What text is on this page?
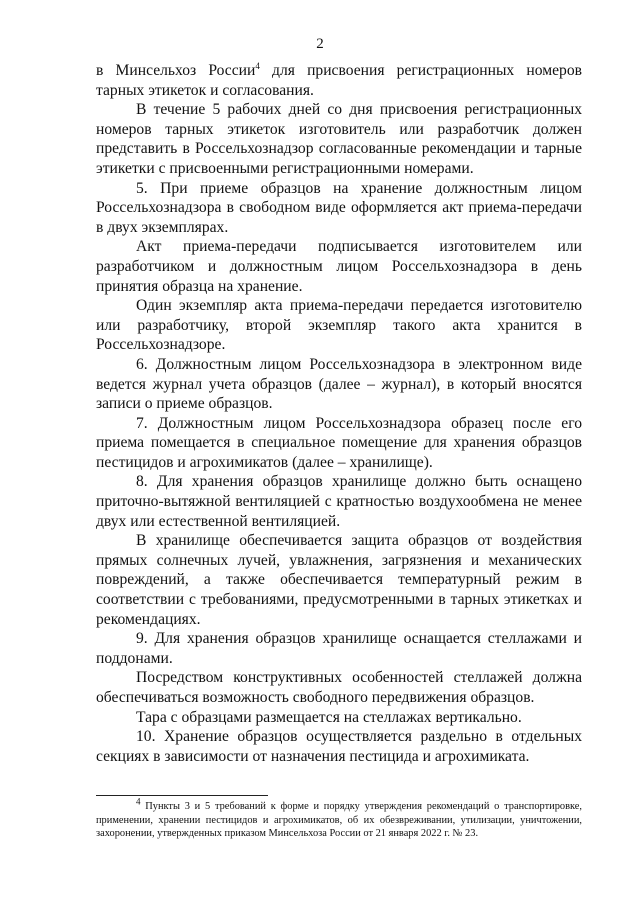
2

в Минсельхоз России$^4$ для присвоения регистрационных номеров тарных этикеток и согласования.

В течение 5 рабочих дней со дня присвоения регистрационных номеров тарных этикеток изготовитель или разработчик должен представить в Россельхознадзор согласованные рекомендации и тарные этикетки с присвоенными регистрационными номерами.

5. При приеме образцов на хранение должностным лицом Россельхознадзора в свободном виде оформляется акт приема-передачи в двух экземплярах.

Акт приема-передачи подписывается изготовителем или разработчиком и должностным лицом Россельхознадзора в день принятия образца на хранение.

Один экземпляр акта приема-передачи передается изготовителю или разработчику, второй экземпляр такого акта хранится в Россельхознадзоре.

6. Должностным лицом Россельхознадзора в электронном виде ведется журнал учета образцов (далее – журнал), в который вносятся записи о приеме образцов.

7. Должностным лицом Россельхознадзора образец после его приема помещается в специальное помещение для хранения образцов пестицидов и агрохимикатов (далее – хранилище).

8. Для хранения образцов хранилище должно быть оснащено приточно-вытяжной вентиляцией с кратностью воздухообмена не менее двух или естественной вентиляцией.

В хранилище обеспечивается защита образцов от воздействия прямых солнечных лучей, увлажнения, загрязнения и механических повреждений, а также обеспечивается температурный режим в соответствии с требованиями, предусмотренными в тарных этикетках и рекомендациях.

9. Для хранения образцов хранилище оснащается стеллажами и поддонами.

Посредством конструктивных особенностей стеллажей должна обеспечиваться возможность свободного передвижения образцов.

Тара с образцами размещается на стеллажах вертикально.

10. Хранение образцов осуществляется раздельно в отдельных секциях в зависимости от назначения пестицида и агрохимиката.

$^4$ Пункты 3 и 5 требований к форме и порядку утверждения рекомендаций о транспортировке, применении, хранении пестицидов и агрохимикатов, об их обезвреживании, утилизации, уничтожении, захоронении, утвержденных приказом Минсельхоза России от 21 января 2022 г. № 23.
